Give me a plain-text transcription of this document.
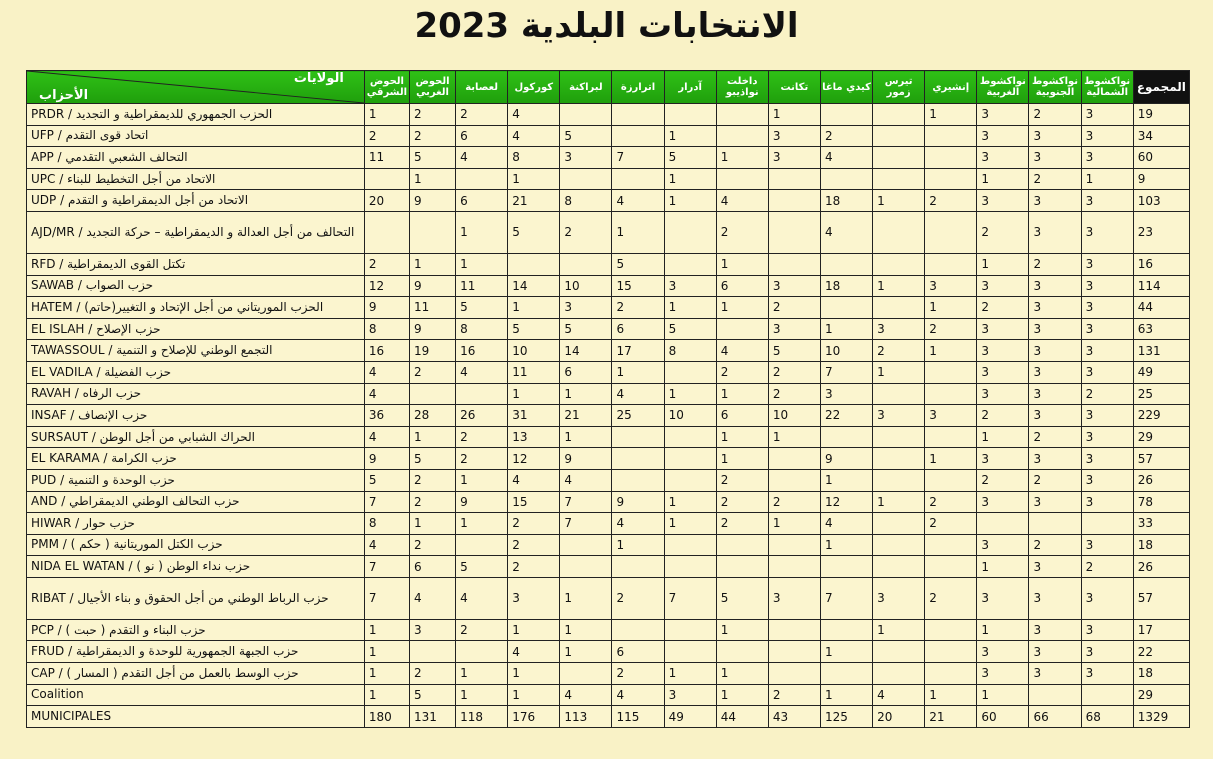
الانتخابات البلدية 2023
الولايات
الأحزاب	الحوض الشرقي	الحوض الغربي	لعصابة	كوركول	لبراكنة	اترارزة	آدرار	داخلت نواذيبو	تكانت	كيدي ماغا	تيرس زمور	إنشيري	نواكشوط الغربية	نواكشوط الجنوبية	نواكشوط الشمالية	المجموع
PRDR / الحزب الجمهوري للديمقراطية و التجديد	1	2	2	4					1			1	3	2	3	19
UFP / اتحاد قوى التقدم	2	2	6	4	5		1		3	2			3	3	3	34
APP / التحالف الشعبي التقدمي	11	5	4	8	3	7	5	1	3	4			3	3	3	60
UPC / الاتحاد من أجل التخطيط للبناء		1		1			1						1	2	1	9
UDP / الاتحاد من أجل الديمقراطية و التقدم	20	9	6	21	8	4	1	4		18	1	2	3	3	3	103
AJD/MR / التحالف من أجل العدالة و الديمقراطية – حركة التجديد			1	5	2	1		2		4			2	3	3	23
RFD / تكتل القوى الديمقراطية	2	1	1			5		1					1	2	3	16
SAWAB / حزب الصواب	12	9	11	14	10	15	3	6	3	18	1	3	3	3	3	114
HATEM / الحزب الموريتاني من أجل الإتحاد و التغيير(حاتم)	9	11	5	1	3	2	1	1	2			1	2	3	3	44
EL ISLAH / حزب الإصلاح	8	9	8	5	5	6	5		3	1	3	2	3	3	3	63
TAWASSOUL / التجمع الوطني للإصلاح و التنمية	16	19	16	10	14	17	8	4	5	10	2	1	3	3	3	131
EL VADILA / حزب الفضيلة	4	2	4	11	6	1		2	2	7	1		3	3	3	49
RAVAH / حزب الرفاه	4			1	1	4	1	1	2	3			3	3	2	25
INSAF / حزب الإنصاف	36	28	26	31	21	25	10	6	10	22	3	3	2	3	3	229
SURSAUT / الحراك الشبابي من أجل الوطن	4	1	2	13	1			1	1				1	2	3	29
EL KARAMA / حزب الكرامة	9	5	2	12	9			1		9		1	3	3	3	57
PUD / حزب الوحدة و التنمية	5	2	1	4	4			2		1			2	2	3	26
AND / حزب التحالف الوطني الديمقراطي	7	2	9	15	7	9	1	2	2	12	1	2	3	3	3	78
HIWAR / حزب حوار	8	1	1	2	7	4	1	2	1	4		2				33
PMM / حزب الكتل الموريتانية ( حكم )	4	2		2		1				1			3	2	3	18
NIDA EL WATAN / حزب نداء الوطن ( نو )	7	6	5	2									1	3	2	26
RIBAT / حزب الرباط الوطني من أجل الحقوق و بناء الأجيال	7	4	4	3	1	2	7	5	3	7	3	2	3	3	3	57
PCP / حزب البناء و التقدم ( حبت )	1	3	2	1	1			1			1		1	3	3	17
FRUD / حزب الجبهة الجمهورية للوحدة و الديمقراطية	1			4	1	6				1			3	3	3	22
CAP / حزب الوسط بالعمل من أجل التقدم ( المسار )	1	2	1	1		2	1	1					3	3	3	18
Coalition	1	5	1	1	4	4	3	1	2	1	4	1	1			29
MUNICIPALES	180	131	118	176	113	115	49	44	43	125	20	21	60	66	68	1329
